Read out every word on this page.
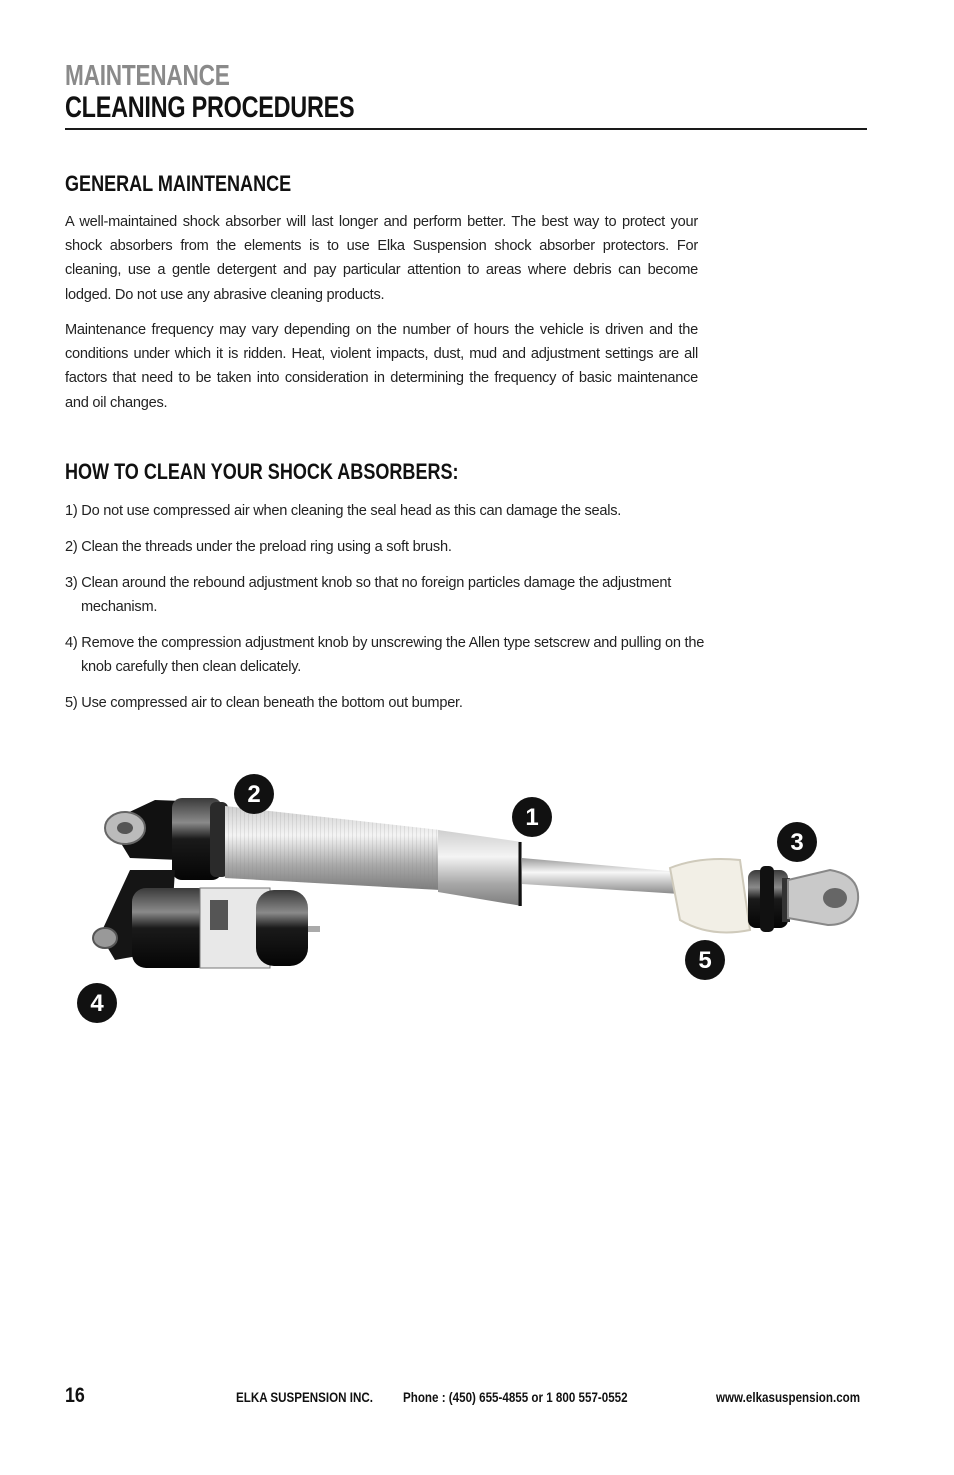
MAINTENANCE
CLEANING PROCEDURES
GENERAL MAINTENANCE
A well-maintained shock absorber will last longer and perform better. The best way to protect your shock absorbers from the elements is to use Elka Suspension shock absorber protectors. For cleaning, use a gentle detergent and pay particular attention to areas where debris can become lodged. Do not use any abrasive cleaning products.
Maintenance frequency may vary depending on the number of hours the vehicle is driven and the conditions under which it is ridden. Heat, violent impacts, dust, mud and adjustment settings are all factors that need to be taken into consideration in determining the frequency of basic maintenance and oil changes.
HOW TO CLEAN YOUR SHOCK ABSORBERS:
1) Do not use compressed air when cleaning the seal head as this can damage the seals.
2) Clean the threads under the preload ring using a soft brush.
3) Clean around the rebound adjustment knob so that no foreign particles damage the adjustment mechanism.
4) Remove the compression adjustment knob by unscrewing the Allen type setscrew and pulling on the knob carefully then clean delicately.
5) Use compressed air to clean beneath the bottom out bumper.
1
2
3
4
5
16	ELKA SUSPENSION INC. Phone : (450) 655-4855 or 1 800 557-0552	www.elkasuspension.com
